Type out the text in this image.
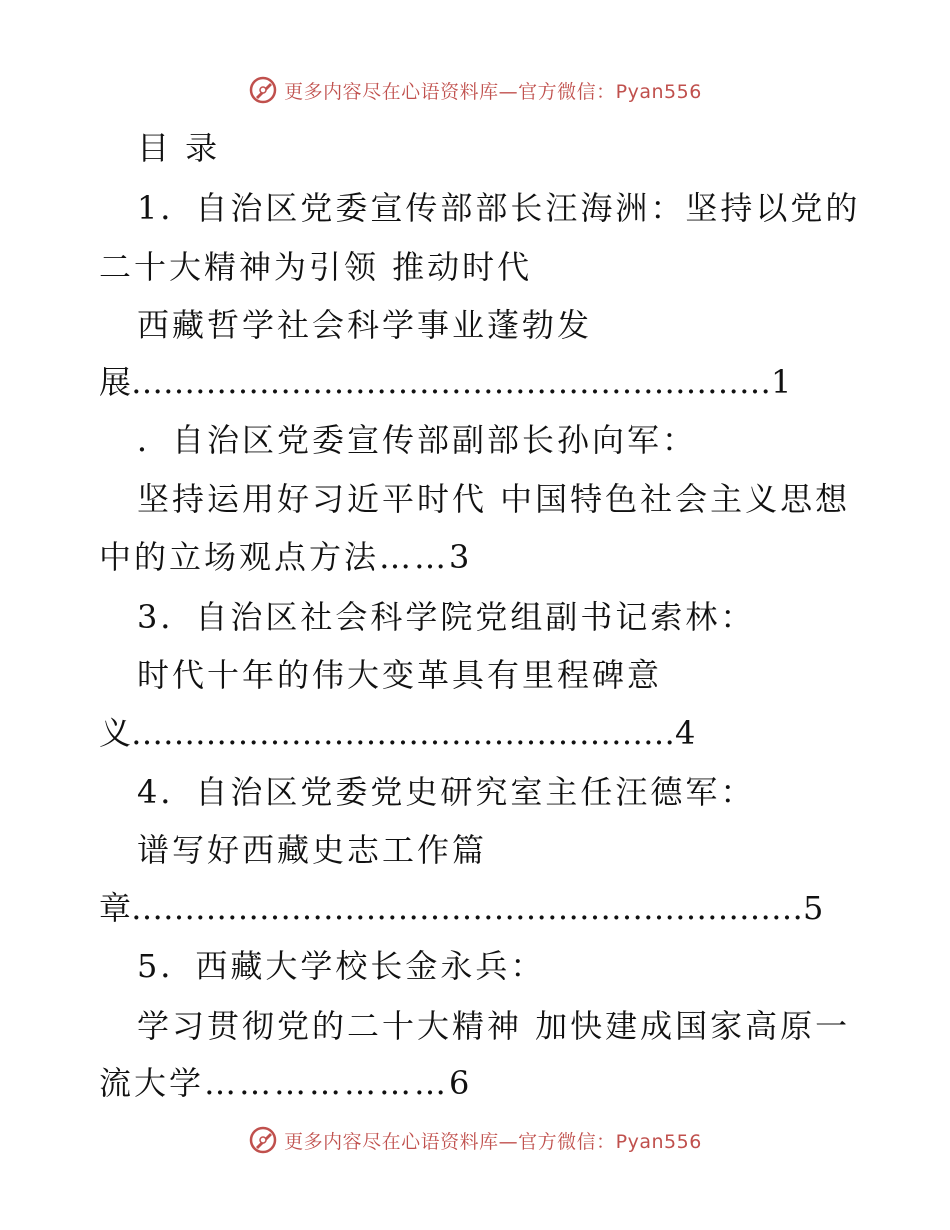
更多内容尽在心语资料库—官方微信：Pyan556
目 录
1．自治区党委宣传部部长汪海洲：坚持以党的
二十大精神为引领 推动时代
西藏哲学社会科学事业蓬勃发
展……………………………………………………1
．自治区党委宣传部副部长孙向军：
坚持运用好习近平时代 中国特色社会主义思想
中的立场观点方法……3
3．自治区社会科学院党组副书记索林：
时代十年的伟大变革具有里程碑意
义……………………………………………4
4．自治区党委党史研究室主任汪德军：
谱写好西藏史志工作篇
章………………………………………………………5
5．西藏大学校长金永兵：
学习贯彻党的二十大精神 加快建成国家高原一
流大学…………………6
更多内容尽在心语资料库—官方微信：Pyan556
